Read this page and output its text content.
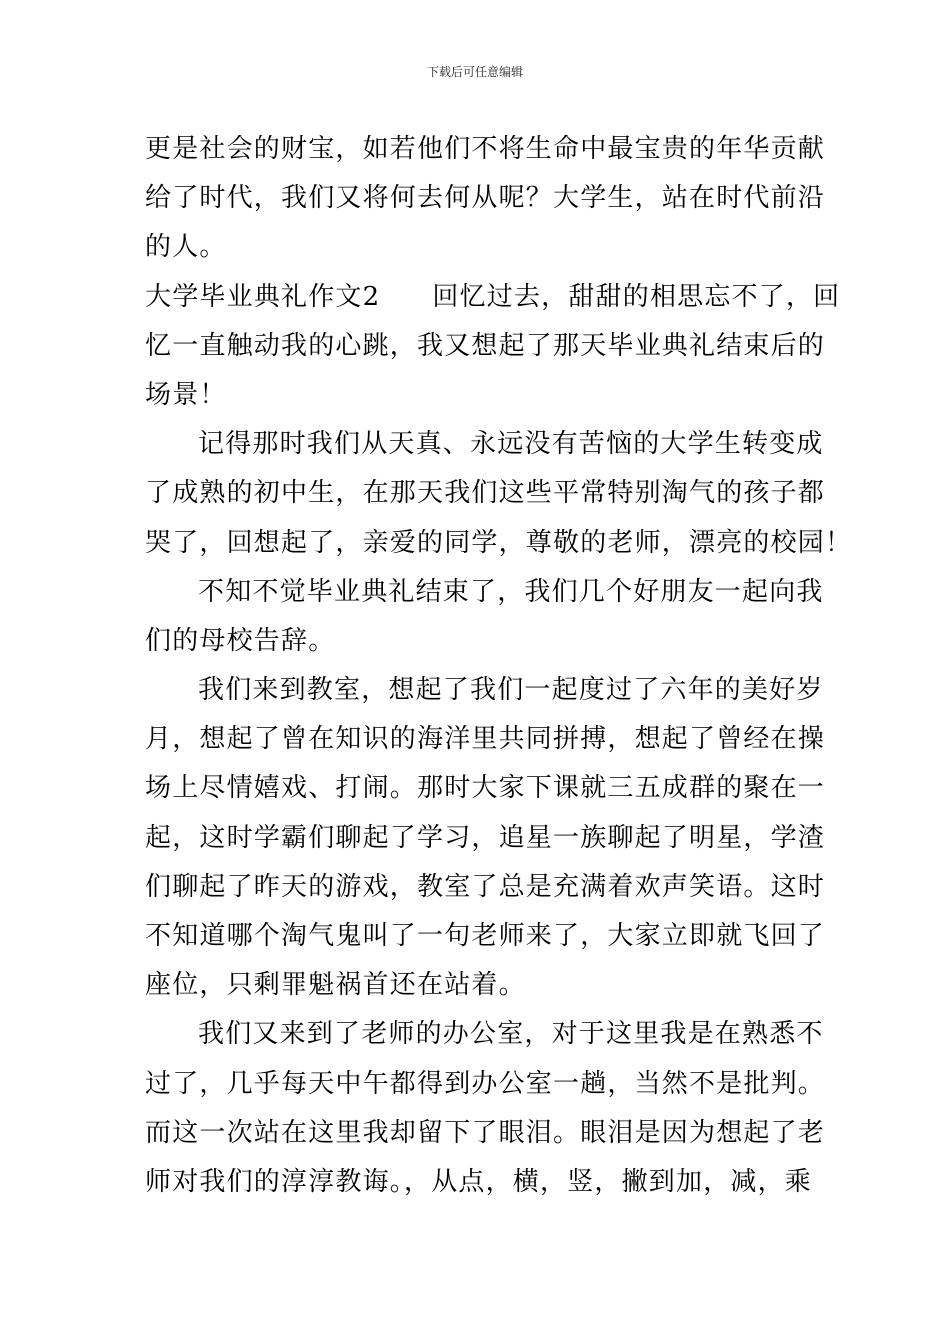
下载后可任意编辑
更是社会的财宝，如若他们不将生命中最宝贵的年华贡献
给了时代，我们又将何去何从呢？大学生，站在时代前沿
的人。
大学毕业典礼作文2 回忆过去，甜甜的相思忘不了，回
忆一直触动我的心跳，我又想起了那天毕业典礼结束后的
场景！
记得那时我们从天真、永远没有苦恼的大学生转变成
了成熟的初中生，在那天我们这些平常特别淘气的孩子都
哭了，回想起了，亲爱的同学，尊敬的老师，漂亮的校园！
不知不觉毕业典礼结束了，我们几个好朋友一起向我
们的母校告辞。
我们来到教室，想起了我们一起度过了六年的美好岁
月，想起了曾在知识的海洋里共同拼搏，想起了曾经在操
场上尽情嬉戏、打闹。那时大家下课就三五成群的聚在一
起，这时学霸们聊起了学习，追星一族聊起了明星，学渣
们聊起了昨天的游戏，教室了总是充满着欢声笑语。这时
不知道哪个淘气鬼叫了一句老师来了，大家立即就飞回了
座位，只剩罪魁祸首还在站着。
我们又来到了老师的办公室，对于这里我是在熟悉不
过了，几乎每天中午都得到办公室一趟，当然不是批判。
而这一次站在这里我却留下了眼泪。眼泪是因为想起了老
师对我们的淳淳教诲。，从点，横，竖，撇到加，减，乘
